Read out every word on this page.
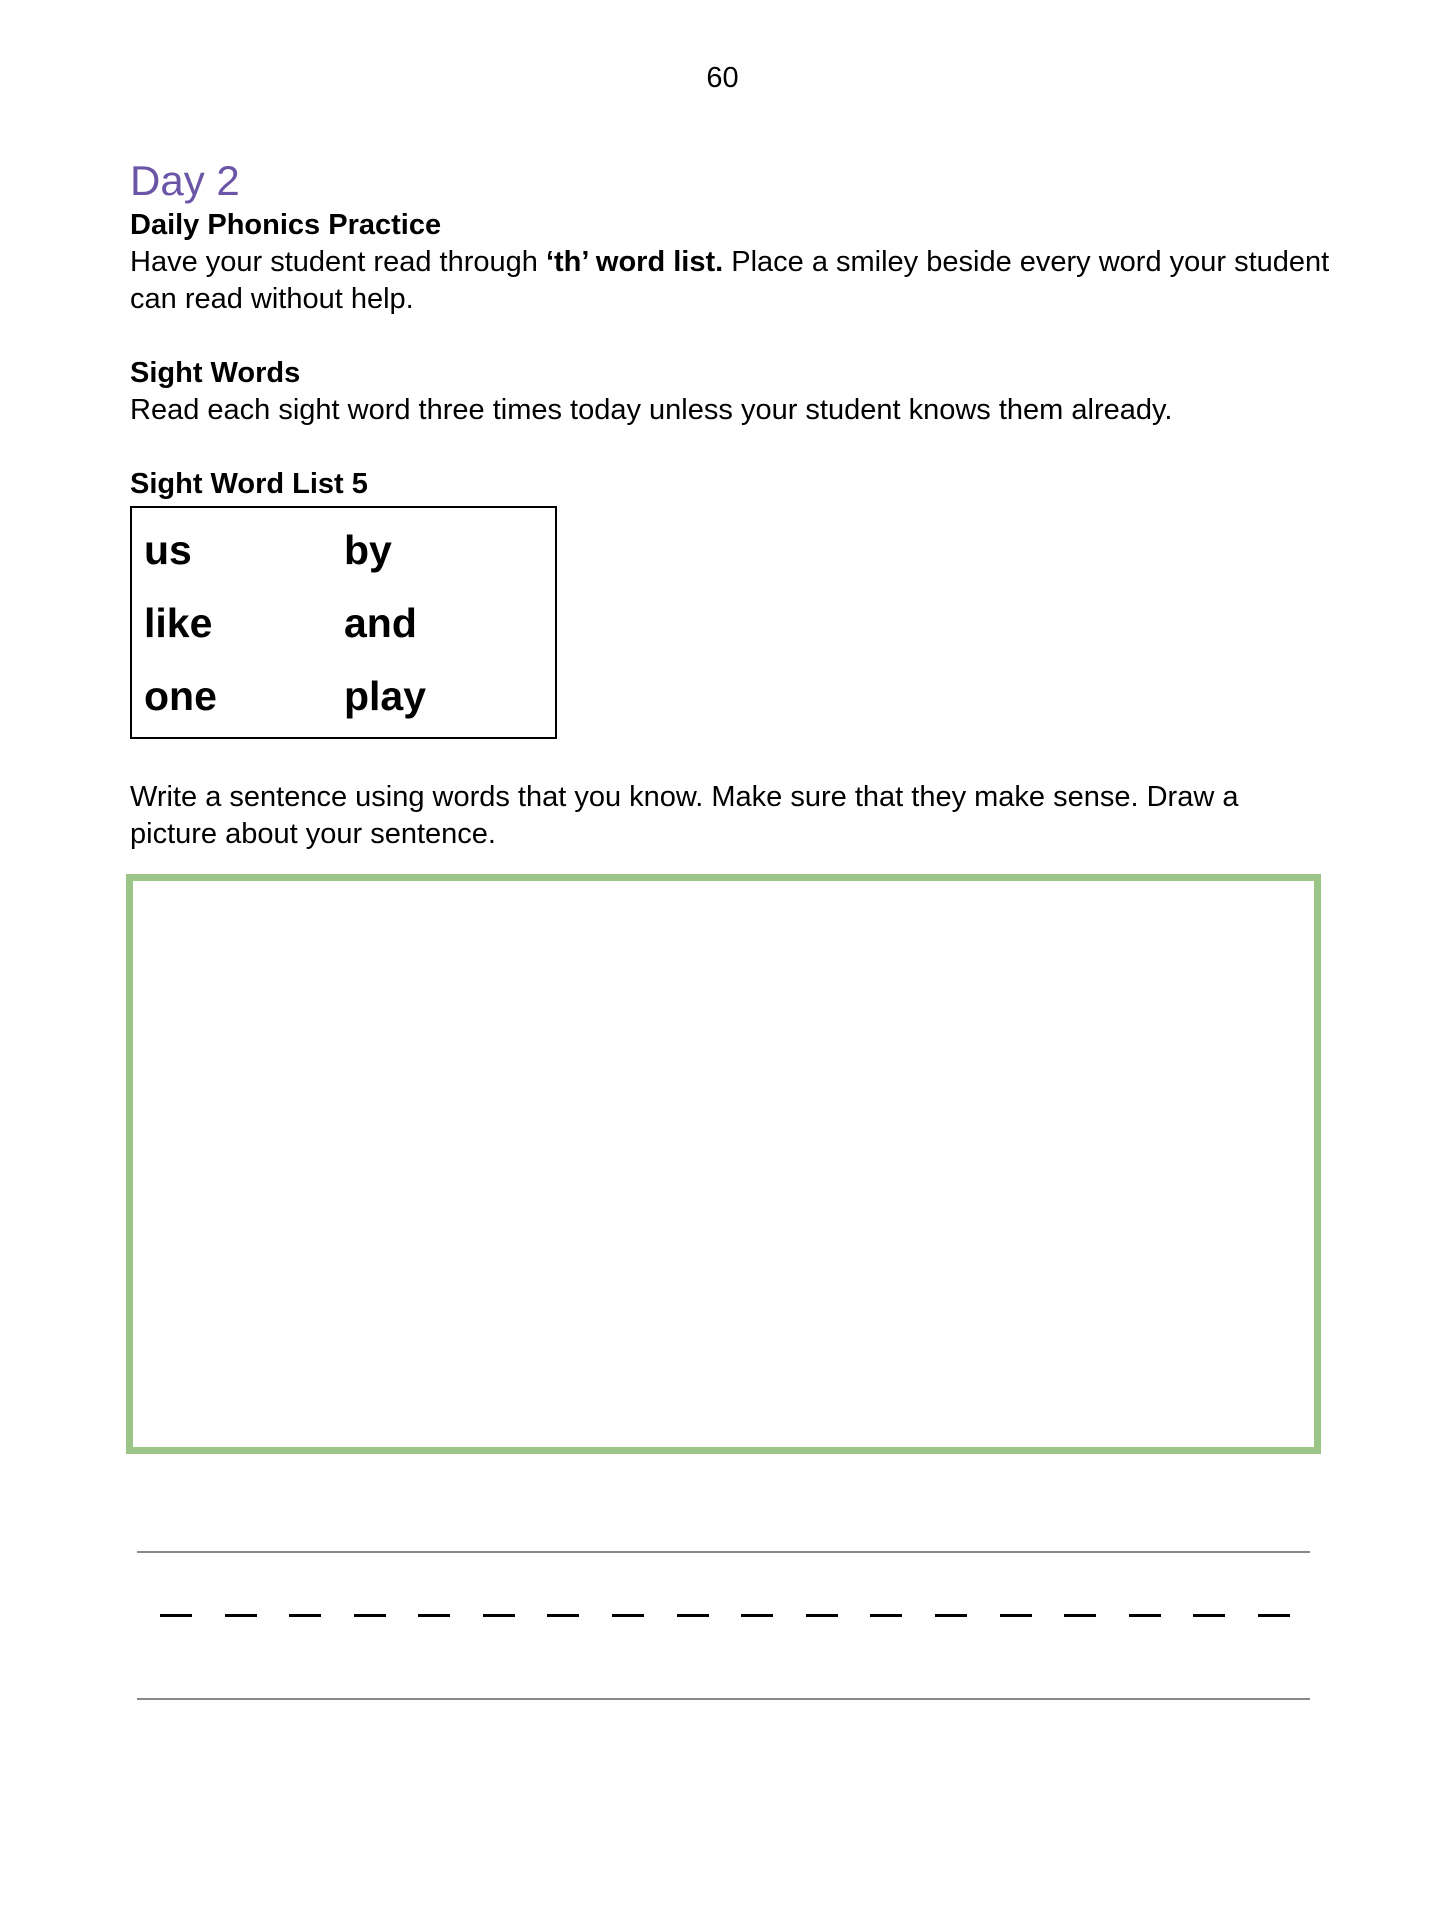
60
Day 2

Daily Phonics Practice

Have your student read through ‘th’ word list. Place a smiley beside every word your student can read without help.

Sight Words

Read each sight word three times today unless your student knows them already.

Sight Word List 5

us	by
like	and
one	play

Write a sentence using words that you know. Make sure that they make sense. Draw a picture about your sentence.
